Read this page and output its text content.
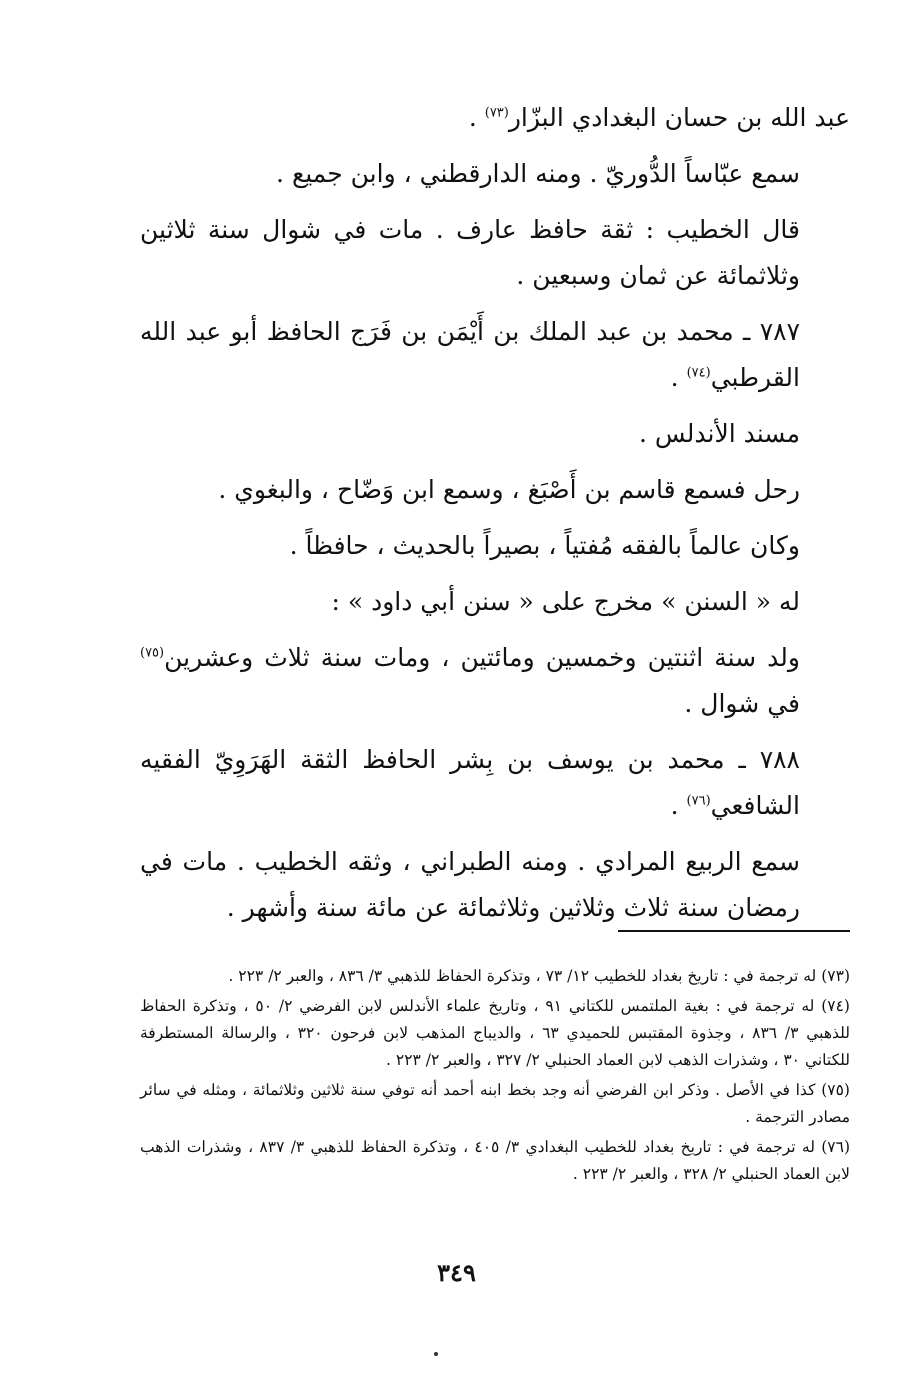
عبد الله بن حسان البغدادي البزّار$^{(٧٣)}$ .

سمع عبّاساً الدُّوريّ . ومنه الدارقطني ، وابن جميع .

قال الخطيب : ثقة حافظ عارف . مات في شوال سنة ثلاثين وثلاثمائة عن ثمان وسبعين .

٧٨٧ ـ محمد بن عبد الملك بن أَيْمَن بن فَرَج الحافظ أبو عبد الله القرطبي$^{(٧٤)}$ .

مسند الأندلس .

رحل فسمع قاسم بن أَصْبَغ ، وسمع ابن وَضّاح ، والبغوي .

وكان عالماً بالفقه مُفتياً ، بصيراً بالحديث ، حافظاً .

له « السنن » مخرج على « سنن أبي داود » :

ولد سنة اثنتين وخمسين ومائتين ، ومات سنة ثلاث وعشرين$^{(٧٥)}$ في شوال .

٧٨٨ ـ محمد بن يوسف بن بِشر الحافظ الثقة الهَرَوِيّ الفقيه الشافعي$^{(٧٦)}$ .

سمع الربيع المرادي . ومنه الطبراني ، وثقه الخطيب . مات في رمضان سنة ثلاث وثلاثين وثلاثمائة عن مائة سنة وأشهر .

(٧٣) له ترجمة في : تاريخ بغداد للخطيب ١٢/ ٧٣ ، وتذكرة الحفاظ للذهبي ٣/ ٨٣٦ ، والعبر ٢/ ٢٢٣ .

(٧٤) له ترجمة في : بغية الملتمس للكتاني ٩١ ، وتاريخ علماء الأندلس لابن الفرضي ٢/ ٥٠ ، وتذكرة الحفاظ للذهبي ٣/ ٨٣٦ ، وجذوة المقتبس للحميدي ٦٣ ، والديباج المذهب لابن فرحون ٣٢٠ ، والرسالة المستطرفة للكتاني ٣٠ ، وشذرات الذهب لابن العماد الحنبلي ٢/ ٣٢٧ ، والعبر ٢/ ٢٢٣ .

(٧٥) كذا في الأصل . وذكر ابن الفرضي أنه وجد بخط ابنه أحمد أنه توفي سنة ثلاثين وثلاثمائة ، ومثله في سائر مصادر الترجمة .

(٧٦) له ترجمة في : تاريخ بغداد للخطيب البغدادي ٣/ ٤٠٥ ، وتذكرة الحفاظ للذهبي ٣/ ٨٣٧ ، وشذرات الذهب لابن العماد الحنبلي ٢/ ٣٢٨ ، والعبر ٢/ ٢٢٣ .

٣٤٩
